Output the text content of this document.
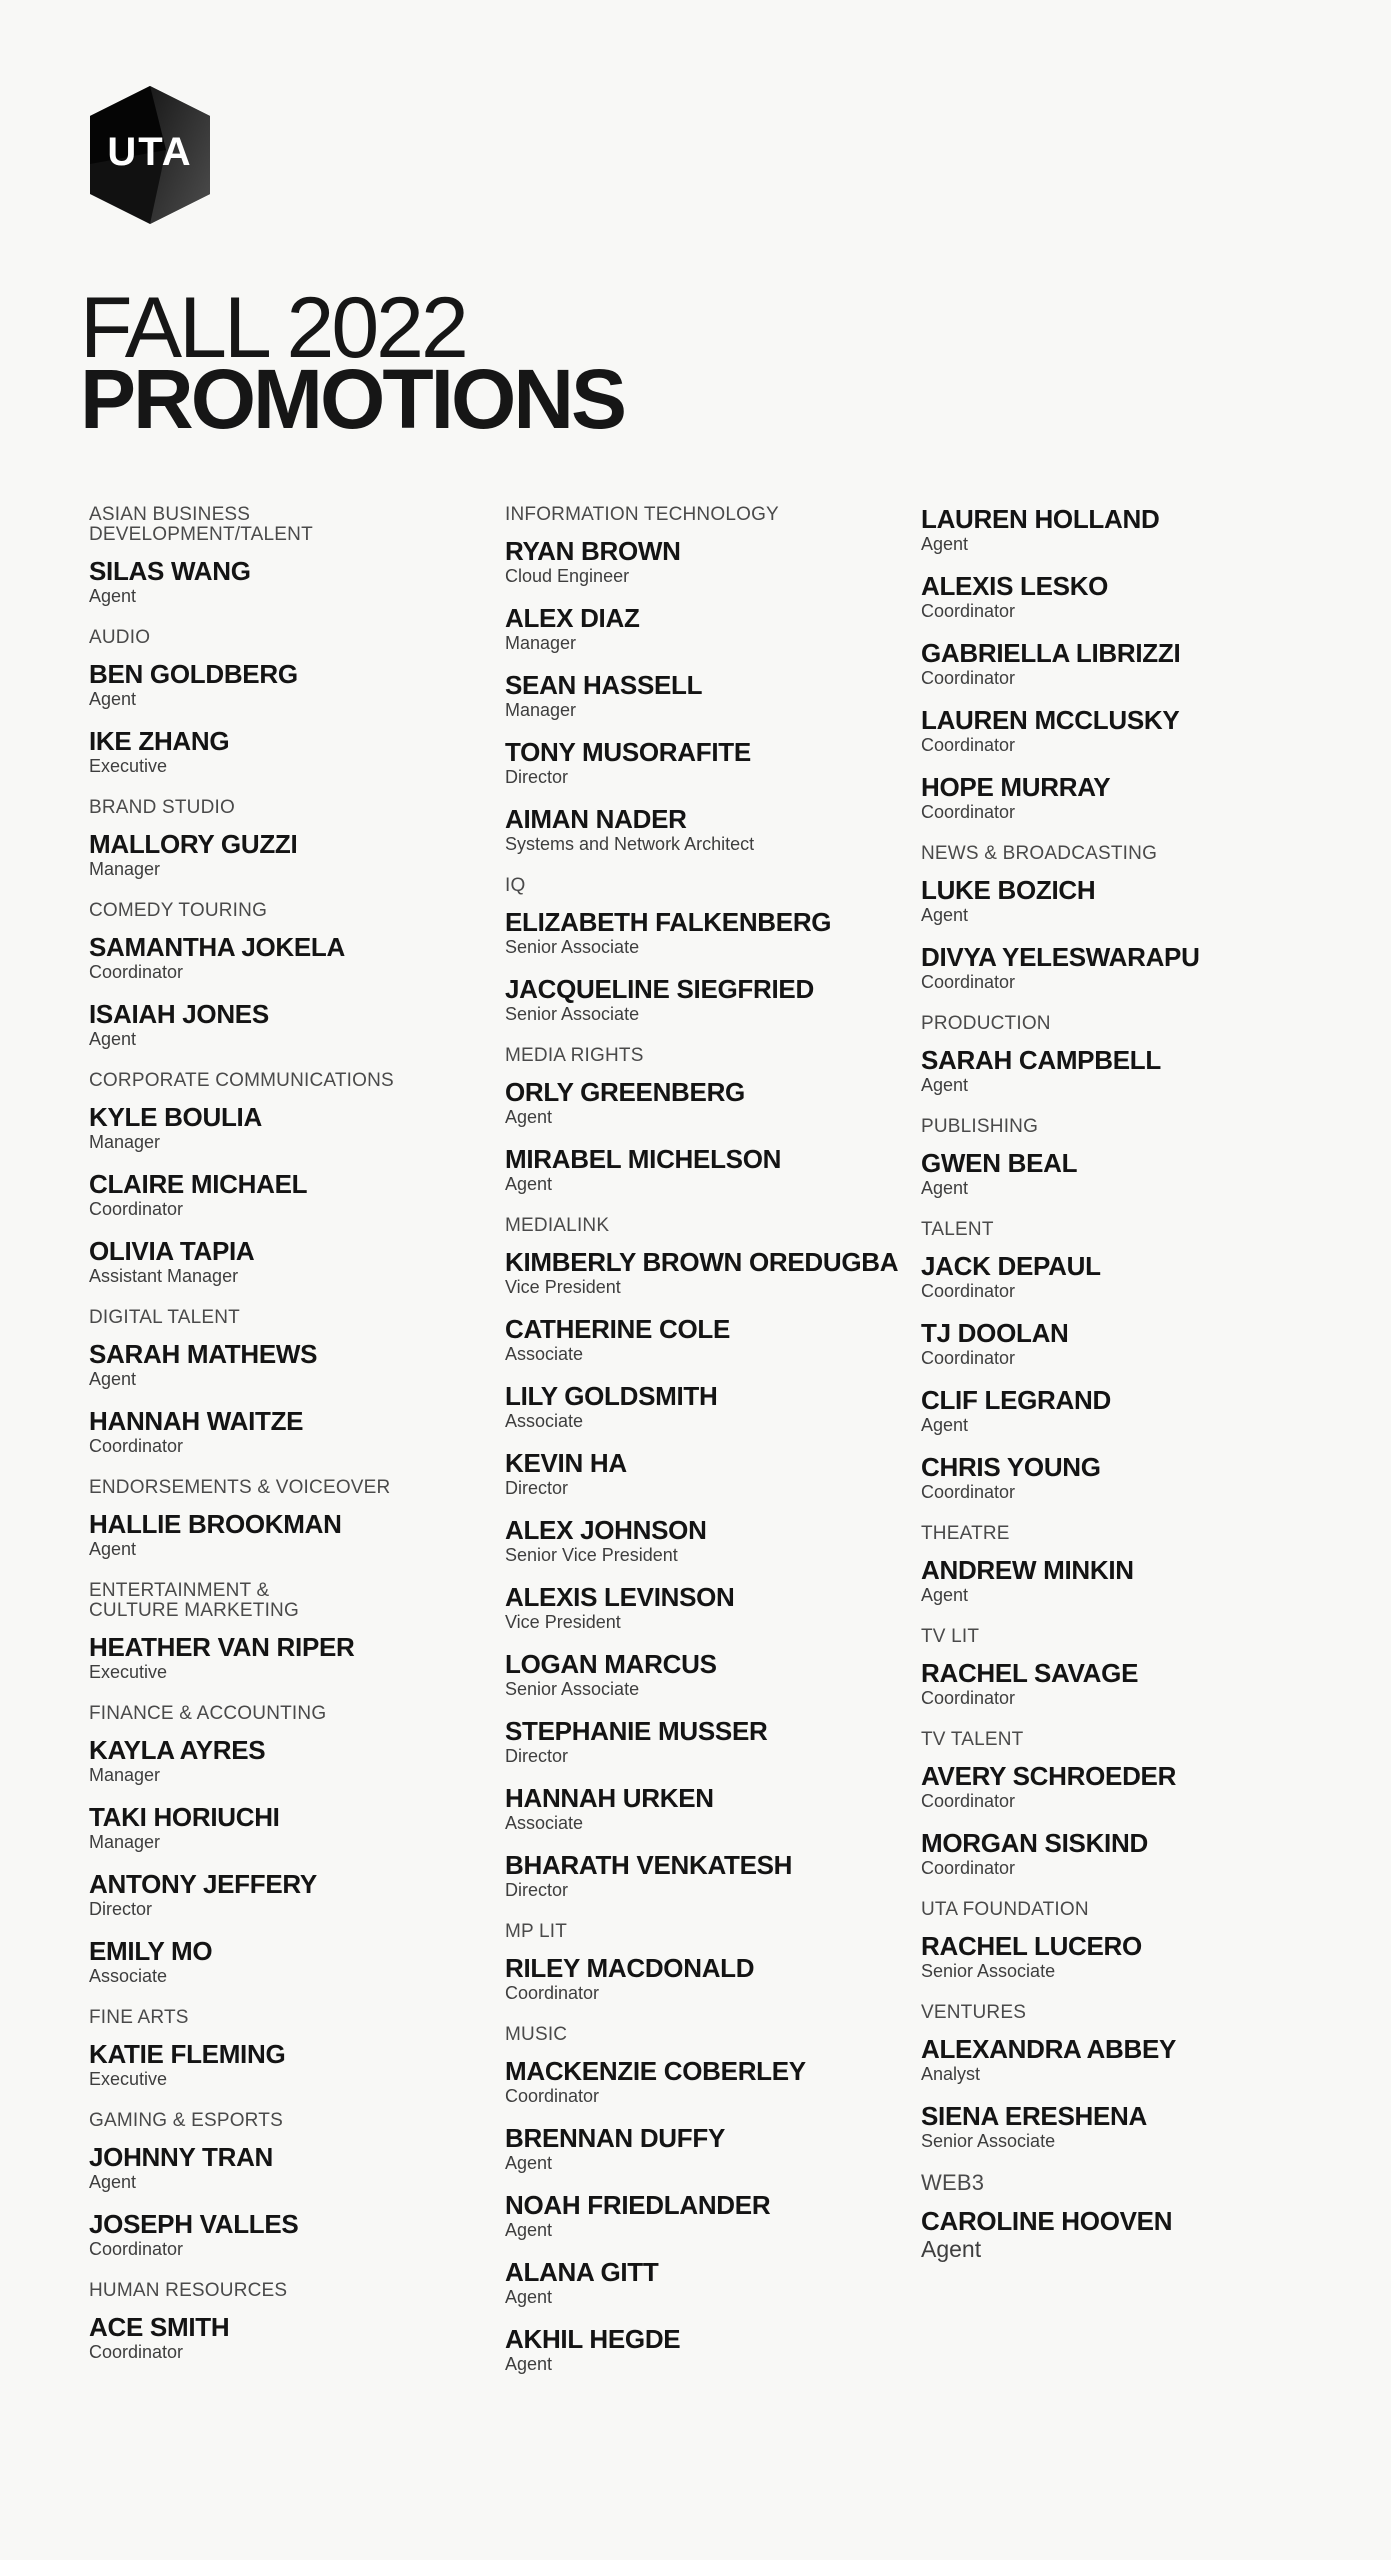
UTA
FALL 2022
PROMOTIONS
ASIAN BUSINESS
DEVELOPMENT/TALENT
SILAS WANG
Agent
AUDIO
BEN GOLDBERG
Agent
IKE ZHANG
Executive
BRAND STUDIO
MALLORY GUZZI
Manager
COMEDY TOURING
SAMANTHA JOKELA
Coordinator
ISAIAH JONES
Agent
CORPORATE COMMUNICATIONS
KYLE BOULIA
Manager
CLAIRE MICHAEL
Coordinator
OLIVIA TAPIA
Assistant Manager
DIGITAL TALENT
SARAH MATHEWS
Agent
HANNAH WAITZE
Coordinator
ENDORSEMENTS & VOICEOVER
HALLIE BROOKMAN
Agent
ENTERTAINMENT &
CULTURE MARKETING
HEATHER VAN RIPER
Executive
FINANCE & ACCOUNTING
KAYLA AYRES
Manager
TAKI HORIUCHI
Manager
ANTONY JEFFERY
Director
EMILY MO
Associate
FINE ARTS
KATIE FLEMING
Executive
GAMING & ESPORTS
JOHNNY TRAN
Agent
JOSEPH VALLES
Coordinator
HUMAN RESOURCES
ACE SMITH
Coordinator
INFORMATION TECHNOLOGY
RYAN BROWN
Cloud Engineer
ALEX DIAZ
Manager
SEAN HASSELL
Manager
TONY MUSORAFITE
Director
AIMAN NADER
Systems and Network Architect
IQ
ELIZABETH FALKENBERG
Senior Associate
JACQUELINE SIEGFRIED
Senior Associate
MEDIA RIGHTS
ORLY GREENBERG
Agent
MIRABEL MICHELSON
Agent
MEDIALINK
KIMBERLY BROWN OREDUGBA
Vice President
CATHERINE COLE
Associate
LILY GOLDSMITH
Associate
KEVIN HA
Director
ALEX JOHNSON
Senior Vice President
ALEXIS LEVINSON
Vice President
LOGAN MARCUS
Senior Associate
STEPHANIE MUSSER
Director
HANNAH URKEN
Associate
BHARATH VENKATESH
Director
MP LIT
RILEY MACDONALD
Coordinator
MUSIC
MACKENZIE COBERLEY
Coordinator
BRENNAN DUFFY
Agent
NOAH FRIEDLANDER
Agent
ALANA GITT
Agent
AKHIL HEGDE
Agent
LAUREN HOLLAND
Agent
ALEXIS LESKO
Coordinator
GABRIELLA LIBRIZZI
Coordinator
LAUREN MCCLUSKY
Coordinator
HOPE MURRAY
Coordinator
NEWS & BROADCASTING
LUKE BOZICH
Agent
DIVYA YELESWARAPU
Coordinator
PRODUCTION
SARAH CAMPBELL
Agent
PUBLISHING
GWEN BEAL
Agent
TALENT
JACK DEPAUL
Coordinator
TJ DOOLAN
Coordinator
CLIF LEGRAND
Agent
CHRIS YOUNG
Coordinator
THEATRE
ANDREW MINKIN
Agent
TV LIT
RACHEL SAVAGE
Coordinator
TV TALENT
AVERY SCHROEDER
Coordinator
MORGAN SISKIND
Coordinator
UTA FOUNDATION
RACHEL LUCERO
Senior Associate
VENTURES
ALEXANDRA ABBEY
Analyst
SIENA ERESHENA
Senior Associate
WEB3
CAROLINE HOOVEN
Agent
